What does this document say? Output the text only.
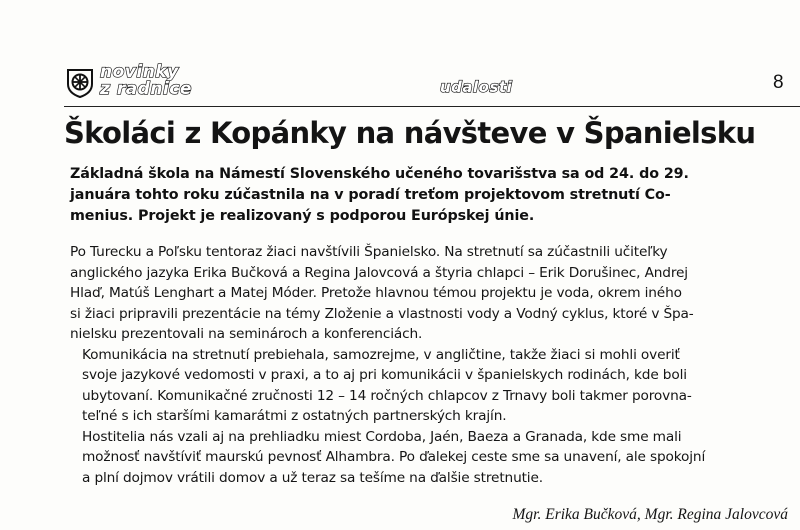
novinky
z radnice	udalosti	8
Školáci z Kopánky na návšteve v Španielsku
Základná škola na Námestí Slovenského učeného tovarišstva sa od 24. do 29.
januára tohto roku zúčastnila na v poradí treťom projektovom stretnutí Co-
menius. Projekt je realizovaný s podporou Európskej únie.

Po Turecku a Poľsku tentoraz žiaci navštívili Španielsko. Na stretnutí sa zúčastnili učiteľky
anglického jazyka Erika Bučková a Regina Jalovcová a štyria chlapci – Erik Dorušinec, Andrej
Hlaď, Matúš Lenghart a Matej Móder. Pretože hlavnou témou projektu je voda, okrem iného
si žiaci pripravili prezentácie na témy Zloženie a vlastnosti vody a Vodný cyklus, ktoré v Špa-
nielsku prezentovali na seminároch a konferenciách.

Komunikácia na stretnutí prebiehala, samozrejme, v angličtine, takže žiaci si mohli overiť
svoje jazykové vedomosti v praxi, a to aj pri komunikácii v španielskych rodinách, kde boli
ubytovaní. Komunikačné zručnosti 12 – 14 ročných chlapcov z Trnavy boli takmer porovna-
teľné s ich staršími kamarátmi z ostatných partnerských krajín.

Hostitelia nás vzali aj na prehliadku miest Cordoba, Jaén, Baeza a Granada, kde sme mali
možnosť navštíviť maurskú pevnosť Alhambra. Po ďalekej ceste sme sa unavení, ale spokojní
a plní dojmov vrátili domov a už teraz sa tešíme na ďalšie stretnutie.

Mgr. Erika Bučková, Mgr. Regina Jalovcová
